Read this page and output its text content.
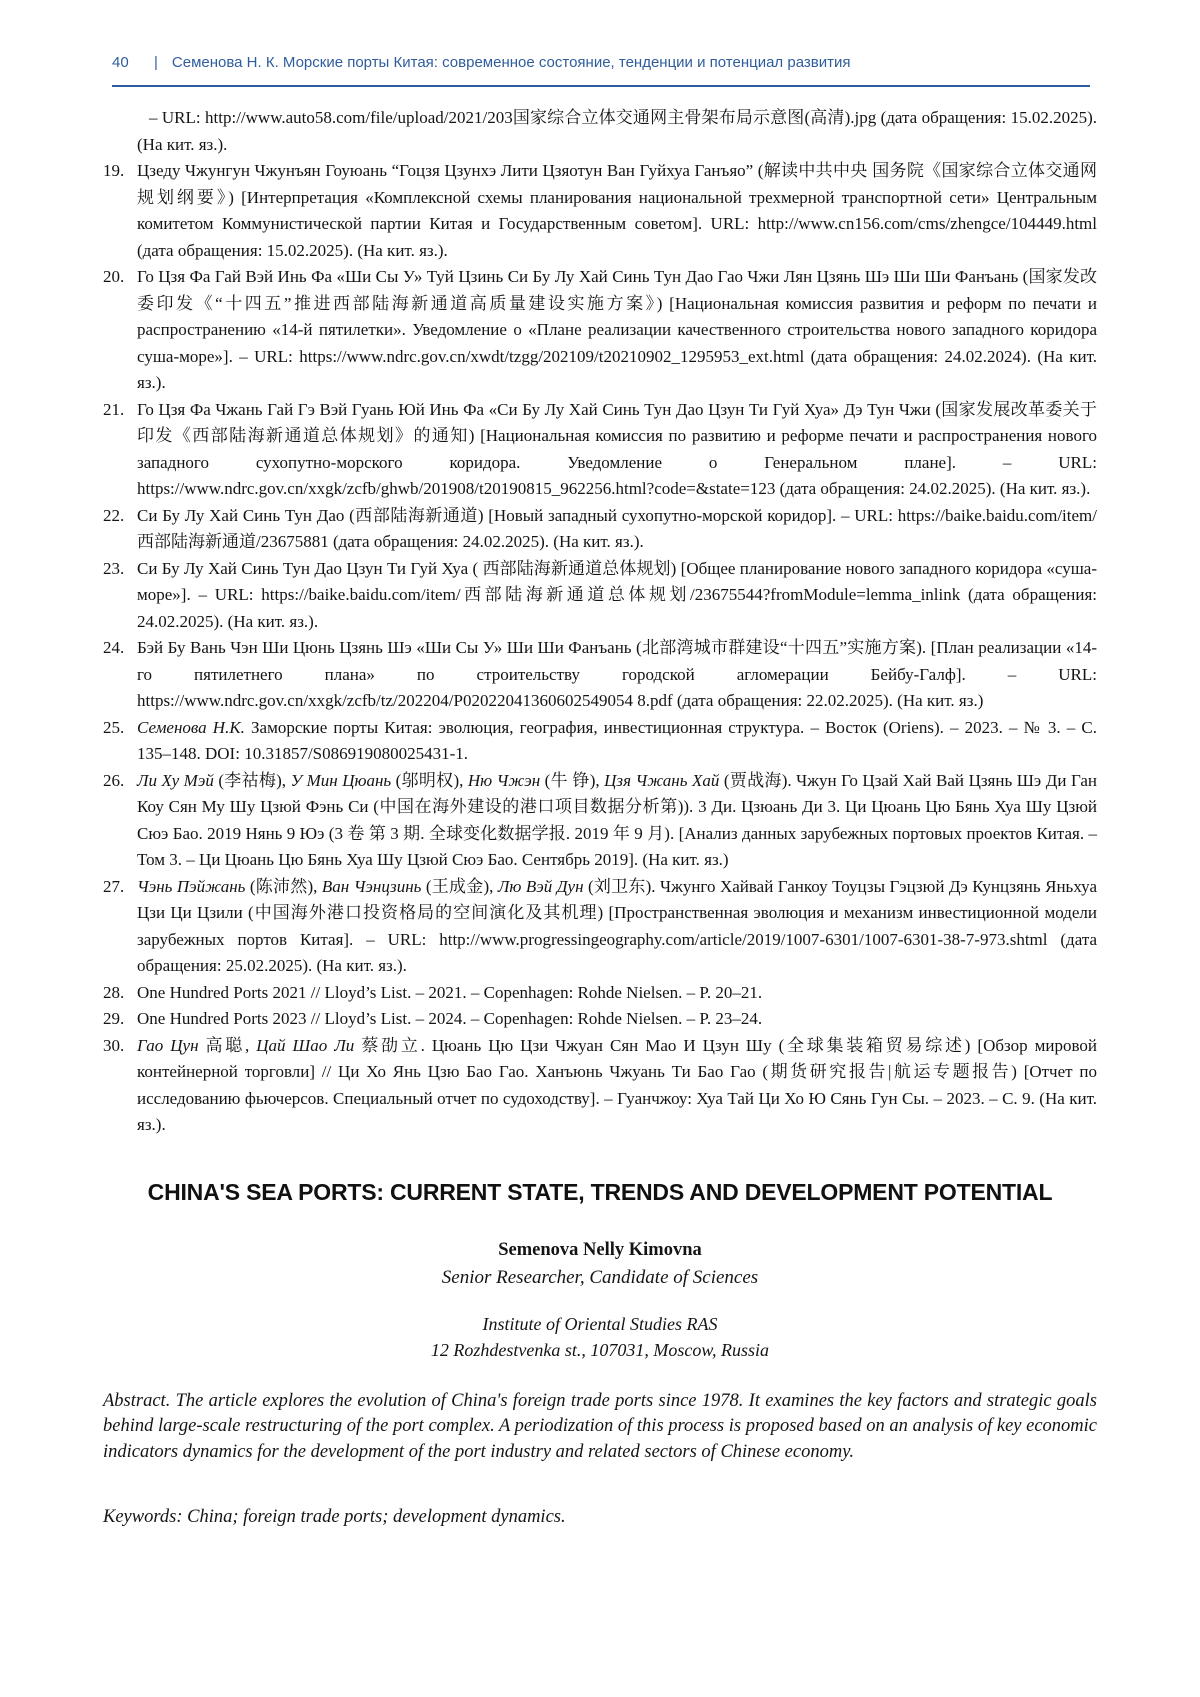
40	| Семенова Н. К. Морские порты Китая: современное состояние, тенденции и потенциал развития

– URL: http://www.auto58.com/file/upload/2021/203国家综合立体交通网主骨架布局示意图(高清).jpg (дата обращения: 15.02.2025). (На кит. яз.).

19. Цзеду Чжунгун Чжунъян Гоуюань “Гоцзя Цзунхэ Лити Цзяотун Ван Гуйхуа Ганъяо” (解读中共中央 国务院《国家综合立体交通网规划纲要》) [Интерпретация «Комплексной схемы планирования национальной трехмерной транспортной сети» Центральным комитетом Коммунистической партии Китая и Государственным советом]. URL: http://www.cn156.com/cms/zhengce/104449.html (дата обращения: 15.02.2025). (На кит. яз.).
20. Го Цзя Фа Гай Вэй Инь Фа «Ши Сы У» Туй Цзинь Си Бу Лу Хай Синь Тун Дао Гао Чжи Лян Цзянь Шэ Ши Ши Фанъань (国家发改委印发《“十四五”推进西部陆海新通道高质量建设实施方案》) [Национальная комиссия развития и реформ по печати и распространению «14-й пятилетки». Уведомление о «Плане реализации качественного строительства нового западного коридора суша-море»]. – URL: https://www.ndrc.gov.cn/xwdt/tzgg/202109/t20210902_1295953_ext.html (дата обращения: 24.02.2024). (На кит. яз.).
21. Го Цзя Фа Чжань Гай Гэ Вэй Гуань Юй Инь Фа «Си Бу Лу Хай Синь Тун Дао Цзун Ти Гуй Хуа» Дэ Тун Чжи (国家发展改革委关于印发《西部陆海新通道总体规划》的通知) [Национальная комиссия по развитию и реформе печати и распространения нового западного сухопутно-морского коридора. Уведомление о Генеральном плане]. – URL: https://www.ndrc.gov.cn/xxgk/zcfb/ghwb/201908/t20190815_962256.html?code=&state=123 (дата обращения: 24.02.2025). (На кит. яз.).
22. Си Бу Лу Хай Синь Тун Дао (西部陆海新通道) [Новый западный сухопутно-морской коридор]. – URL: https://baike.baidu.com/item/西部陆海新通道/23675881 (дата обращения: 24.02.2025). (На кит. яз.).
23. Си Бу Лу Хай Синь Тун Дао Цзун Ти Гуй Хуа ( 西部陆海新通道总体规划) [Общее планирование нового западного коридора «суша-море»]. – URL: https://baike.baidu.com/item/西部陆海新通道总体规划/23675544?fromModule=lemma_inlink (дата обращения: 24.02.2025). (На кит. яз.).
24. Бэй Бу Вань Чэн Ши Цюнь Цзянь Шэ «Ши Сы У» Ши Ши Фанъань (北部湾城市群建设“十四五”实施方案). [План реализации «14-го пятилетнего плана» по строительству городской агломерации Бейбу-Галф]. – URL: https://www.ndrc.gov.cn/xxgk/zcfb/tz/202204/P02022041360602549054 8.pdf (дата обращения: 22.02.2025). (На кит. яз.)
25. Семенова Н.К. Заморские порты Китая: эволюция, география, инвестиционная структура. – Восток (Oriens). – 2023. – № 3. – С. 135–148. DOI: 10.31857/S086919080025431-1.
26. Ли Ху Мэй (李祜梅), У Мин Цюань (邬明权), Ню Чжэн (牛 铮), Цзя Чжань Хай (贾战海). Чжун Го Цзай Хай Вай Цзянь Шэ Ди Ган Коу Сян Му Шу Цзюй Фэнь Си (中国在海外建设的港口项目数据分析第)). 3 Ди. Цзюань Ди 3. Ци Цюань Цю Бянь Хуа Шу Цзюй Сюэ Бао. 2019 Нянь 9 Юэ (3 卷 第 3 期. 全球变化数据学报. 2019 年 9 月). [Анализ данных зарубежных портовых проектов Китая. – Том 3. – Ци Цюань Цю Бянь Хуа Шу Цзюй Сюэ Бао. Сентябрь 2019]. (На кит. яз.)
27. Чэнь Пэйжань (陈沛然), Ван Чэнцзинь (王成金), Лю Вэй Дун (刘卫东). Чжунго Хайвай Ганкоу Тоуцзы Гэцзюй Дэ Кунцзянь Яньхуа Цзи Ци Цзили (中国海外港口投资格局的空间演化及其机理) [Пространственная эволюция и механизм инвестиционной модели зарубежных портов Китая]. – URL: http://www.progressingeography.com/article/2019/1007-6301/1007-6301-38-7-973.shtml (дата обращения: 25.02.2025). (На кит. яз.).
28. One Hundred Ports 2021 // Lloyd’s List. – 2021. – Copenhagen: Rohde Nielsen. – P. 20–21.
29. One Hundred Ports 2023 // Lloyd’s List. – 2024. – Copenhagen: Rohde Nielsen. – P. 23–24.
30. Гао Цун 高聪, Цай Шао Ли 蔡劭立. Цюань Цю Цзи Чжуан Сян Мао И Цзун Шу (全球集装箱贸易综述) [Обзор мировой контейнерной торговли] // Ци Хо Янь Цзю Бао Гао. Ханъюнь Чжуань Ти Бао Гао (期货研究报告|航运专题报告) [Отчет по исследованию фьючерсов. Специальный отчет по судоходству]. – Гуанчжоу: Хуа Тай Ци Хо Ю Сянь Гун Сы. – 2023. – С. 9. (На кит. яз.).
CHINA'S SEA PORTS: CURRENT STATE, TRENDS AND DEVELOPMENT POTENTIAL
Semenova Nelly Kimovna
Senior Researcher, Candidate of Sciences
Institute of Oriental Studies RAS
12 Rozhdestvenka st., 107031, Moscow, Russia

Abstract. The article explores the evolution of China's foreign trade ports since 1978. It examines the key factors and strategic goals behind large-scale restructuring of the port complex. A periodization of this process is proposed based on an analysis of key economic indicators dynamics for the development of the port industry and related sectors of Chinese economy.

Keywords: China; foreign trade ports; development dynamics.
